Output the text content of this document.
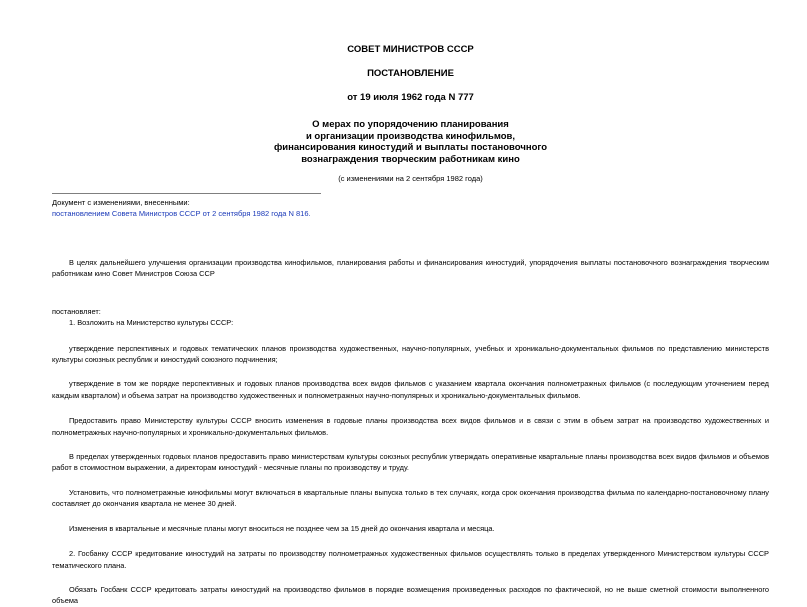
СОВЕТ МИНИСТРОВ СССР

ПОСТАНОВЛЕНИЕ

от 19 июля 1962 года N 777

О мерах по упорядочению планирования
и организации производства кинофильмов,
финансирования киностудий и выплаты постановочного
вознаграждения творческим работникам кино

(с изменениями на 2 сентября 1982 года)

Документ с изменениями, внесенными:
постановлением Совета Министров СССР от 2 сентября 1982 года N 816.

В целях дальнейшего улучшения организации производства кинофильмов, планирования работы и финансирования киностудий, упорядочения выплаты постановочного вознаграждения творческим работникам кино Совет Министров Союза ССР

постановляет:

1. Возложить на Министерство культуры СССР:

утверждение перспективных и годовых тематических планов производства художественных, научно-популярных, учебных и хроникально-документальных фильмов по представлению министерств культуры союзных республик и киностудий союзного подчинения;

утверждение в том же порядке перспективных и годовых планов производства всех видов фильмов с указанием квартала окончания полнометражных фильмов (с последующим уточнением перед каждым кварталом) и объема затрат на производство художественных и полнометражных научно-популярных и хроникально-документальных фильмов.

Предоставить право Министерству культуры СССР вносить изменения в годовые планы производства всех видов фильмов и в связи с этим в объем затрат на производство художественных и полнометражных научно-популярных и хроникально-документальных фильмов.

В пределах утвержденных годовых планов предоставить право министерствам культуры союзных республик утверждать оперативные квартальные планы производства всех видов фильмов и объемов работ в стоимостном выражении, а директорам киностудий - месячные планы по производству и труду.

Установить, что полнометражные кинофильмы могут включаться в квартальные планы выпуска только в тех случаях, когда срок окончания производства фильма по календарно-постановочному плану составляет до окончания квартала не менее 30 дней.

Изменения в квартальные и месячные планы могут вноситься не позднее чем за 15 дней до окончания квартала и месяца.

2. Госбанку СССР кредитование киностудий на затраты по производству полнометражных художественных фильмов осуществлять только в пределах утвержденного Министерством культуры СССР тематического плана.

Обязать Госбанк СССР кредитовать затраты киностудий на производство фильмов в порядке возмещения произведенных расходов по фактической, но не выше сметной стоимости выполненного объема
